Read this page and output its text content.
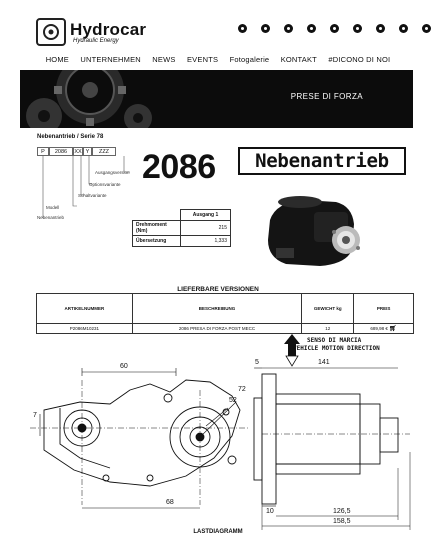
Hydrocar
Hydraulic Energy
HOME UNTERNEHMEN NEWS EVENTS Fotogalerie KONTAKT #DICONO DI NOI
PRESE DI FORZA
Nebenantrieb / Serie 78
P	2086	XX Y	ZZZ
Ausgangsversion
Optionsvariante
Schaltvariante
Modell
Nebenantrieb
2086	Nebenantrieb
	Ausgang 1
Drehmoment (Nm)	215
Übersetzung	1,333
LIEFERBARE VERSIONEN
ARTIKELNUMMER	BESCHREIBUNG	GEWICHT kg	PREIS
P2086M10231	2086 PRESA DI FORZA POST MECC	12	689,98 € 🛒︎
SENSO DI MARCIA
VEHICLE MOTION DIRECTION
5	141
60
72
52
7
68
10	126,5
158,5
LASTDIAGRAMM
